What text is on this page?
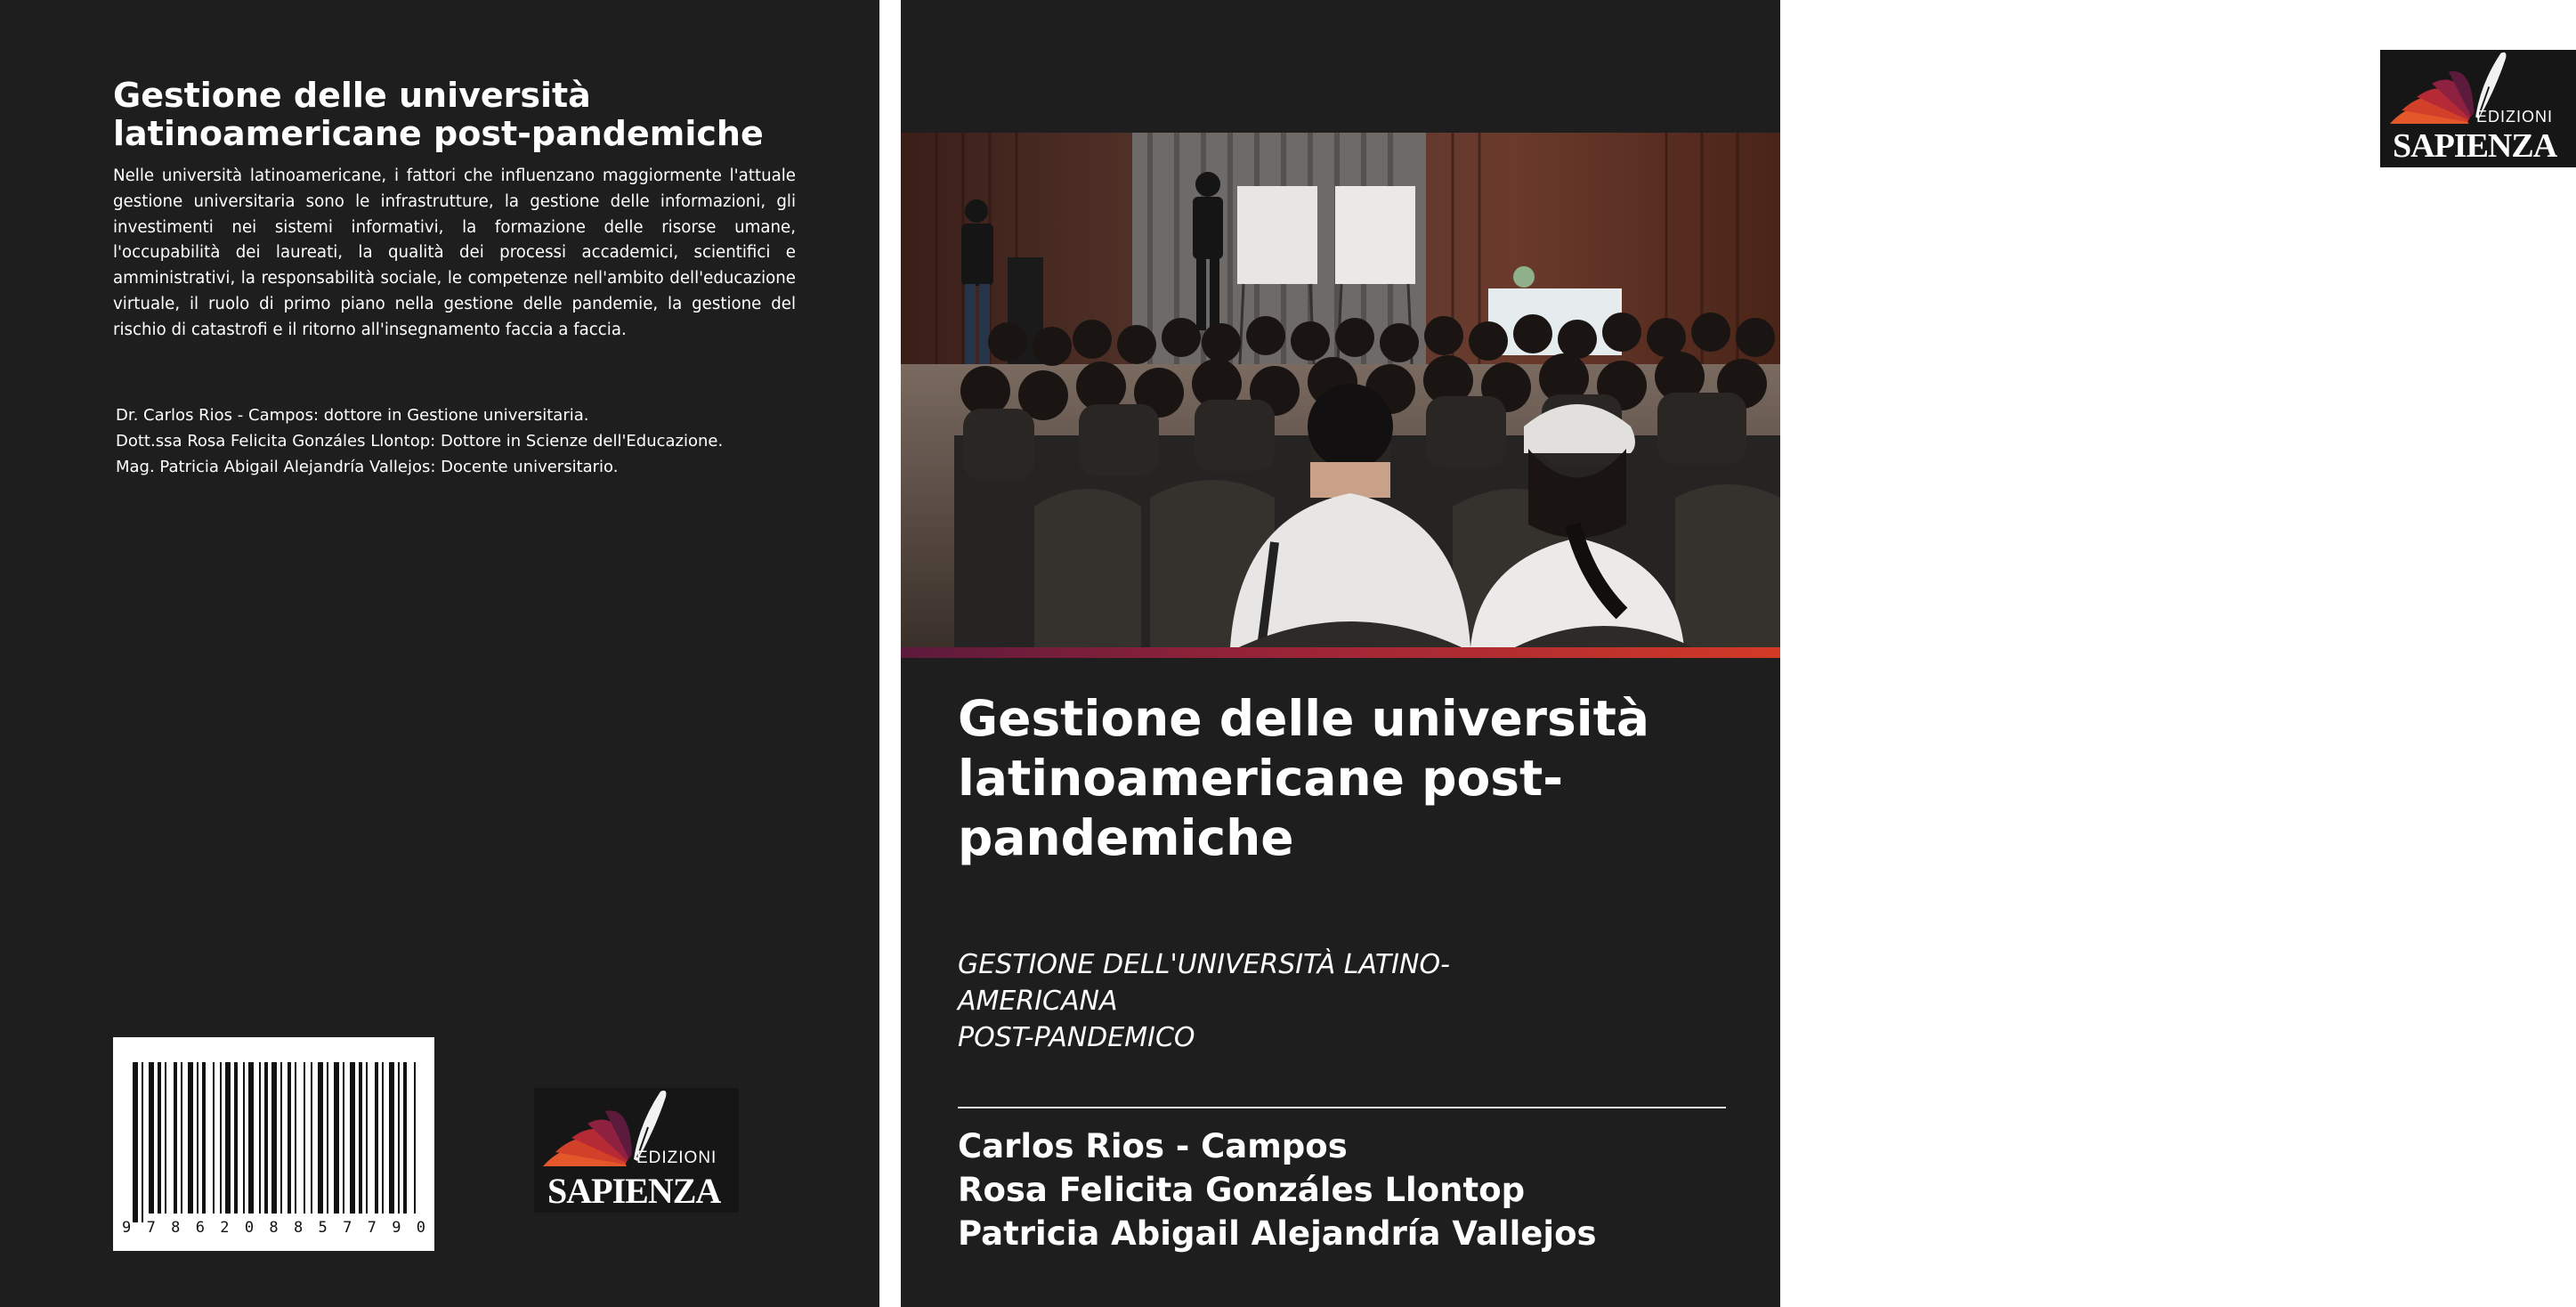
Gestione delle università latinoamericane post-pandemiche

Nelle università latinoamericane, i fattori che influenzano maggiormente l'attuale gestione universitaria sono le infrastrutture, la gestione delle informazioni, gli investimenti nei sistemi informativi, la formazione delle risorse umane, l'occupabilità dei laureati, la qualità dei processi accademici, scientifici e amministrativi, la responsabilità sociale, le competenze nell'ambito dell'educazione virtuale, il ruolo di primo piano nella gestione delle pandemie, la gestione del rischio di catastrofi e il ritorno all'insegnamento faccia a faccia.

Dr. Carlos Rios - Campos: dottore in Gestione universitaria.
Dott.ssa Rosa Felicita Gonzáles Llontop: Dottore in Scienze dell'Educazione.
Mag. Patricia Abigail Alejandría Vallejos: Docente universitario.
9 7 8 6 2 0 8 8 5 7 7 9 0
EDIZIONI
SAPIENZA
EDIZIONI
SAPIENZA
Gestione delle università latinoamericane post-pandemiche

GESTIONE DELL'UNIVERSITÀ LATINO-
AMERICANA
POST-PANDEMICO

Carlos Rios - Campos
Rosa Felicita Gonzáles Llontop
Patricia Abigail Alejandría Vallejos
